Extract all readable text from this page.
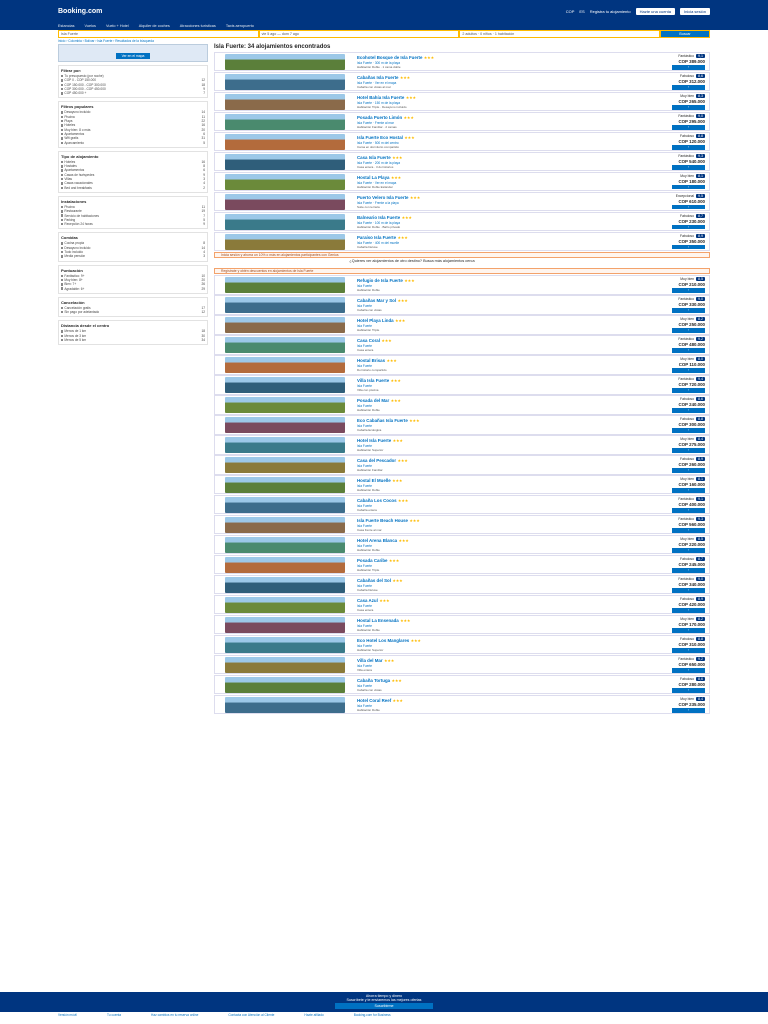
Booking.com	COP ES Registra tu alojamiento	Hazte una cuenta	Inicia sesión
Estancias	Vuelos	Vuelo + Hotel	Alquiler de coches	Atracciones turísticas	Taxis aeropuerto
Isla Fuerte	vie 5 ago — dom 7 ago	2 adultos · 0 niños · 1 habitación	Buscar
Inicio › Colombia › Bolívar › Isla Fuerte › Resultados de la búsqueda
Ver en el mapa
Filtrar por:
Tu presupuesto (por noche)
COP 0 - COP 150.000	12
COP 150.000 - COP 300.000	18
COP 300.000 - COP 450.000	9
COP 450.000 +	7
Filtros populares
Desayuno incluido	14
Piscina	11
Playa	22
Hoteles	16
Muy bien: 8 o más	20
Apartamentos	6
Wifi gratis	31
Aparcamiento	5
Tipo de alojamiento
Hoteles	16
Hostales	8
Apartamentos	6
Casas de huéspedes	9
Villas	3
Casas vacacionales	4
Bed and breakfasts	2
Instalaciones
Piscina	11
Restaurante	19
Servicio de habitaciones	7
Parking	5
Recepción 24 horas	9
Comidas
Cocina propia	8
Desayuno incluido	14
Todo incluido	4
Media pensión	3
Puntuación
Fantástico: 9+	10
Muy bien: 8+	20
Bien: 7+	26
Agradable: 6+	29
Cancelación
Cancelación gratis	17
Sin pago por adelantado	12
Distancia desde el centro
Menos de 1 km	18
Menos de 3 km	30
Menos de 5 km	34
Isla Fuerte: 34 alojamientos encontrados
Ecohotel Bosque de Isla Fuerte ★★★
Isla Fuerte · 300 m de la playa
Habitación Doble · 1 cama doble
Fantástico 9,1
COP 389.000
›
Cabañas Isla Fuerte ★★★
Isla Fuerte · Ver en el mapa
Cabaña con vistas al mar
Fabuloso 8,6
COP 312.000
›
Hotel Bahía Isla Fuerte ★★★
Isla Fuerte · 150 m de la playa
Habitación Triple · Desayuno incluido
Muy bien 8,3
COP 265.000
›
Posada Puerto Limón ★★★
Isla Fuerte · Frente al mar
Habitación Familiar · 2 camas
Fantástico 9,0
COP 295.000
›
Isla Fuerte Eco Hostal ★★★
Isla Fuerte · 500 m del centro
Cama en dormitorio compartido
Fabuloso 8,8
COP 120.000
›
Casa Isla Fuerte ★★★
Isla Fuerte · 200 m de la playa
Casa entera · 3 dormitorios
Fantástico 9,3
COP 540.000
›
Hostal La Playa ★★★
Isla Fuerte · Ver en el mapa
Habitación Doble Estándar
Muy bien 8,1
COP 180.000
›
Puerto Velero Isla Fuerte ★★★
Isla Fuerte · Frente a la playa
Suite con terraza
Excepcional 9,5
COP 610.000
›
Balneario Isla Fuerte ★★★
Isla Fuerte · 100 m de la playa
Habitación Doble · Baño privado
Fabuloso 8,7
COP 230.000
›
Paraíso Isla Fuerte ★★★
Isla Fuerte · 400 m del muelle
Cabaña Deluxe
Fabuloso 8,9
COP 350.000
›
Inicia sesión y ahorra un 10% o más en alojamientos participantes con Genius
¿Quieres ver alojamientos de otro destino? Busca más alojamientos cerca
Regístrate y obtén descuentos en alojamientos de Isla Fuerte
Refugio de Isla Fuerte ★★★
Isla Fuerte
Habitación Doble
Muy bien 8,5
COP 210.000
›
Cabañas Mar y Sol ★★★
Isla Fuerte
Cabaña con vistas
Fantástico 9,0
COP 330.000
›
Hotel Playa Linda ★★★
Isla Fuerte
Habitación Triple
Muy bien 8,2
COP 250.000
›
Casa Coral ★★★
Isla Fuerte
Casa entera
Fantástico 9,2
COP 480.000
›
Hostal Brisas ★★★
Isla Fuerte
Dormitorio compartido
Muy bien 8,0
COP 110.000
›
Villa Isla Fuerte ★★★
Isla Fuerte
Villa con piscina
Fantástico 9,4
COP 720.000
›
Posada del Mar ★★★
Isla Fuerte
Habitación Doble
Fabuloso 8,6
COP 240.000
›
Eco Cabañas Isla Fuerte ★★★
Isla Fuerte
Cabaña Ecológica
Fabuloso 8,8
COP 300.000
›
Hotel Isla Fuerte ★★★
Isla Fuerte
Habitación Superior
Muy bien 8,4
COP 275.000
›
Casa del Pescador ★★★
Isla Fuerte
Habitación Familiar
Fabuloso 8,9
COP 260.000
›
Hostal El Muelle ★★★
Isla Fuerte
Habitación Doble
Muy bien 8,1
COP 160.000
›
Cabaña Los Cocos ★★★
Isla Fuerte
Cabaña entera
Fantástico 9,1
COP 400.000
›
Isla Fuerte Beach House ★★★
Isla Fuerte
Casa frente al mar
Fantástico 9,3
COP 560.000
›
Hotel Arena Blanca ★★★
Isla Fuerte
Habitación Doble
Muy bien 8,5
COP 220.000
›
Posada Caribe ★★★
Isla Fuerte
Habitación Triple
Fabuloso 8,7
COP 245.000
›
Cabañas del Sol ★★★
Isla Fuerte
Cabaña Deluxe
Fantástico 9,0
COP 340.000
›
Casa Azul ★★★
Isla Fuerte
Casa entera
Fabuloso 8,9
COP 420.000
›
Hostal La Ensenada ★★★
Isla Fuerte
Habitación Doble
Muy bien 8,2
COP 170.000
›
Eco Hotel Los Manglares ★★★
Isla Fuerte
Habitación Superior
Fabuloso 8,8
COP 310.000
›
Villa del Mar ★★★
Isla Fuerte
Villa entera
Fantástico 9,2
COP 650.000
›
Cabaña Tortuga ★★★
Isla Fuerte
Cabaña con vistas
Fabuloso 8,6
COP 280.000
›
Hotel Coral Reef ★★★
Isla Fuerte
Habitación Doble
Muy bien 8,4
COP 235.000
›
Ahorra tiempo y dinero
Suscríbete y te enviaremos las mejores ofertas
Suscribirme
Versión móvil	Tu cuenta	Haz cambios en tu reserva online	Contacta con Atención al Cliente	Hazte afiliado	Booking.com for Business
